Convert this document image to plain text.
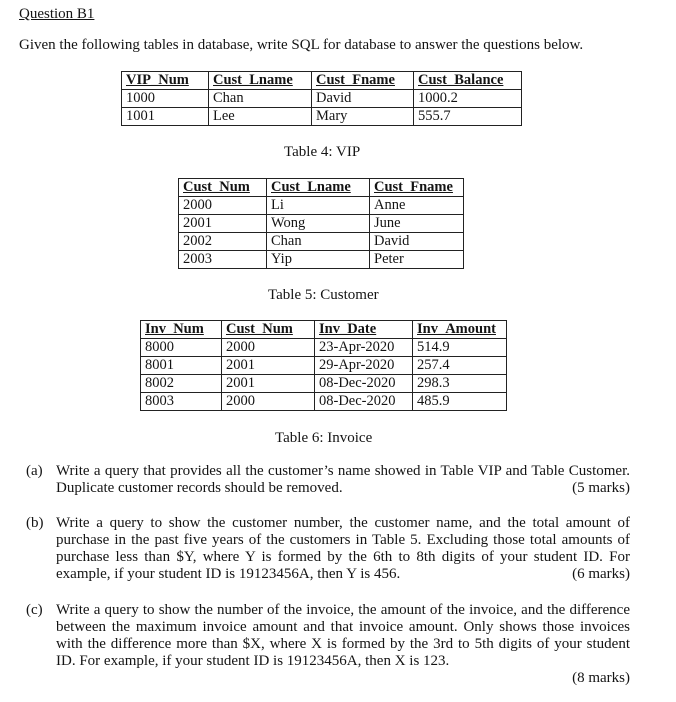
Question B1
Given the following tables in database, write SQL for database to answer the questions below.
VIP_Num	Cust_Lname	Cust_Fname	Cust_Balance
1000	Chan	David	1000.2
1001	Lee	Mary	555.7
Table 4: VIP
Cust_Num	Cust_Lname	Cust_Fname
2000	Li	Anne
2001	Wong	June
2002	Chan	David
2003	Yip	Peter
Table 5: Customer
Inv_Num	Cust_Num	Inv_Date	Inv_Amount
8000	2000	23-Apr-2020	514.9
8001	2001	29-Apr-2020	257.4
8002	2001	08-Dec-2020	298.3
8003	2000	08-Dec-2020	485.9
Table 6: Invoice
(a) Write a query that provides all the customer’s name showed in Table VIP and Table Customer. Duplicate customer records should be removed.	(5 marks)
(b) Write a query to show the customer number, the customer name, and the total amount of purchase in the past five years of the customers in Table 5. Excluding those total amounts of purchase less than $Y, where Y is formed by the 6th to 8th digits of your student ID. For example, if your student ID is 19123456A, then Y is 456.	(6 marks)
(c) Write a query to show the number of the invoice, the amount of the invoice, and the difference between the maximum invoice amount and that invoice amount. Only shows those invoices with the difference more than $X, where X is formed by the 3rd to 5th digits of your student ID. For example, if your student ID is 19123456A, then X is 123.
(8 marks)
